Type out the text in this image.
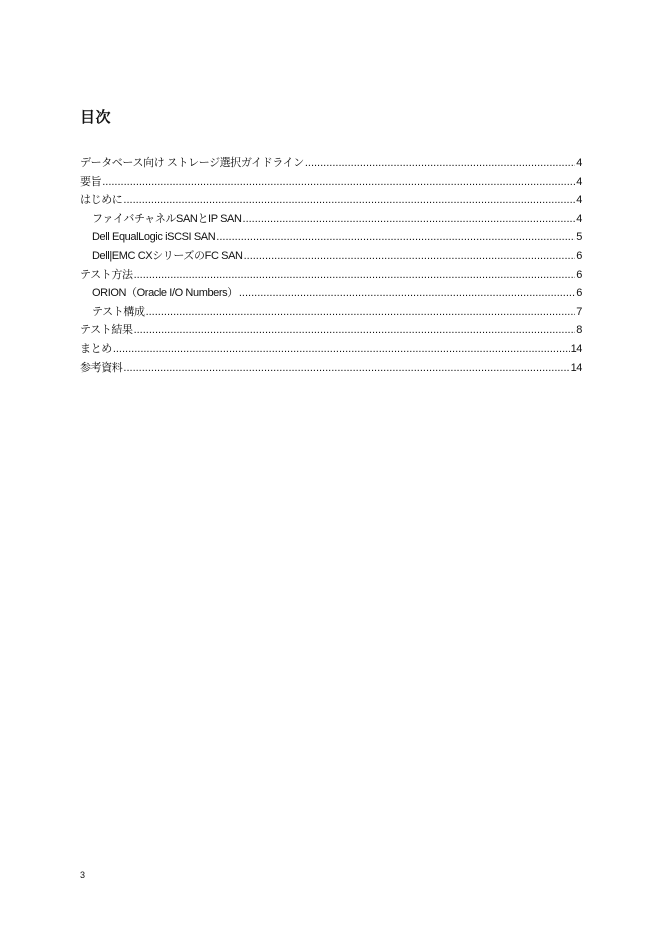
目次
データベース向け ストレージ選択ガイドライン .....	4
要旨 .....	4
はじめに .....	4
ファイバチャネルSANとIP SAN .....	4
Dell EqualLogic iSCSI SAN .....	5
Dell|EMC CXシリーズのFC SAN .....	6
テスト方法 .....	6
ORION（Oracle I/O Numbers） .....	6
テスト構成 .....	7
テスト結果 .....	8
まとめ .....	14
参考資料 .....	14
3
